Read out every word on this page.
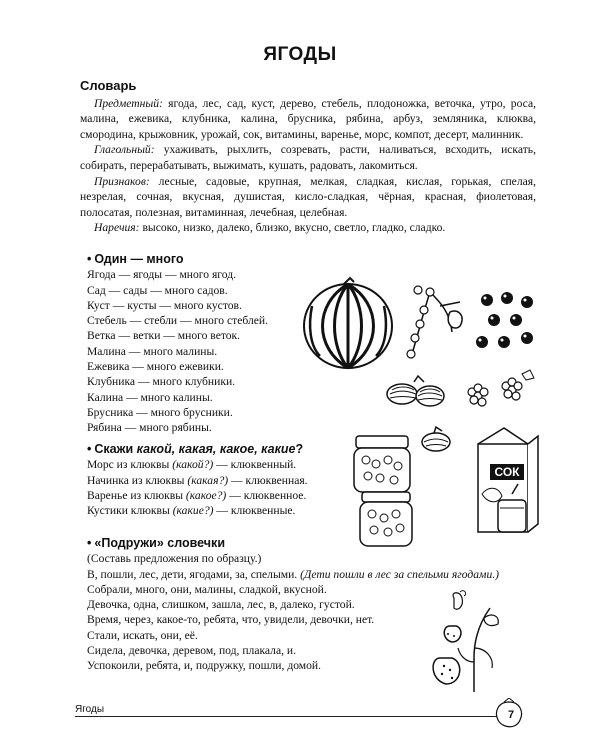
ЯГОДЫ
Словарь

Предметный: ягода, лес, сад, куст, дерево, стебель, плодоножка, веточка, утро, роса, малина, ежевика, клубника, калина, брусника, рябина, арбуз, земляника, клюква, смородина, крыжовник, урожай, сок, витамины, варенье, морс, компот, десерт, малинник.

Глагольный: ухаживать, рыхлить, созревать, расти, наливаться, всходить, искать, собирать, перерабатывать, выжимать, кушать, радовать, лакомиться.

Признаков: лесные, садовые, крупная, мелкая, сладкая, кислая, горькая, спелая, незрелая, сочная, вкусная, душистая, кисло-сладкая, чёрная, красная, фиолетовая, полосатая, полезная, витаминная, лечебная, целебная.

Наречия: высоко, низко, далеко, близко, вкусно, светло, гладко, сладко.

• Один — много
Ягода — ягоды — много ягод.
Сад — сады — много садов.
Куст — кусты — много кустов.
Стебель — стебли — много стеблей.
Ветка — ветки — много веток.
Малина — много малины.
Ежевика — много ежевики.
Клубника — много клубники.
Калина — много калины.
Брусника — много брусники.
Рябина — много рябины.
• Скажи какой, какая, какое, какие?
Морс из клюквы (какой?) — клюквенный.
Начинка из клюквы (какая?) — клюквенная.
Варенье из клюквы (какое?) — клюквенное.
Кустики клюквы (какие?) — клюквенные.
• «Подружи» словечки
(Составь предложения по образцу.)
В, пошли, лес, дети, ягодами, за, спелыми. (Дети пошли в лес за спелыми ягодами.)
Собрали, много, они, малины, сладкой, вкусной.
Девочка, одна, слишком, зашла, лес, в, далеко, густой.
Время, через, какое-то, ребята, что, увидели, девочки, нет.
Стали, искать, они, её.
Сидела, девочка, деревом, под, плакала, и.
Успокоили, ребята, и, подружку, пошли, домой.
СОК
Ягоды	7
